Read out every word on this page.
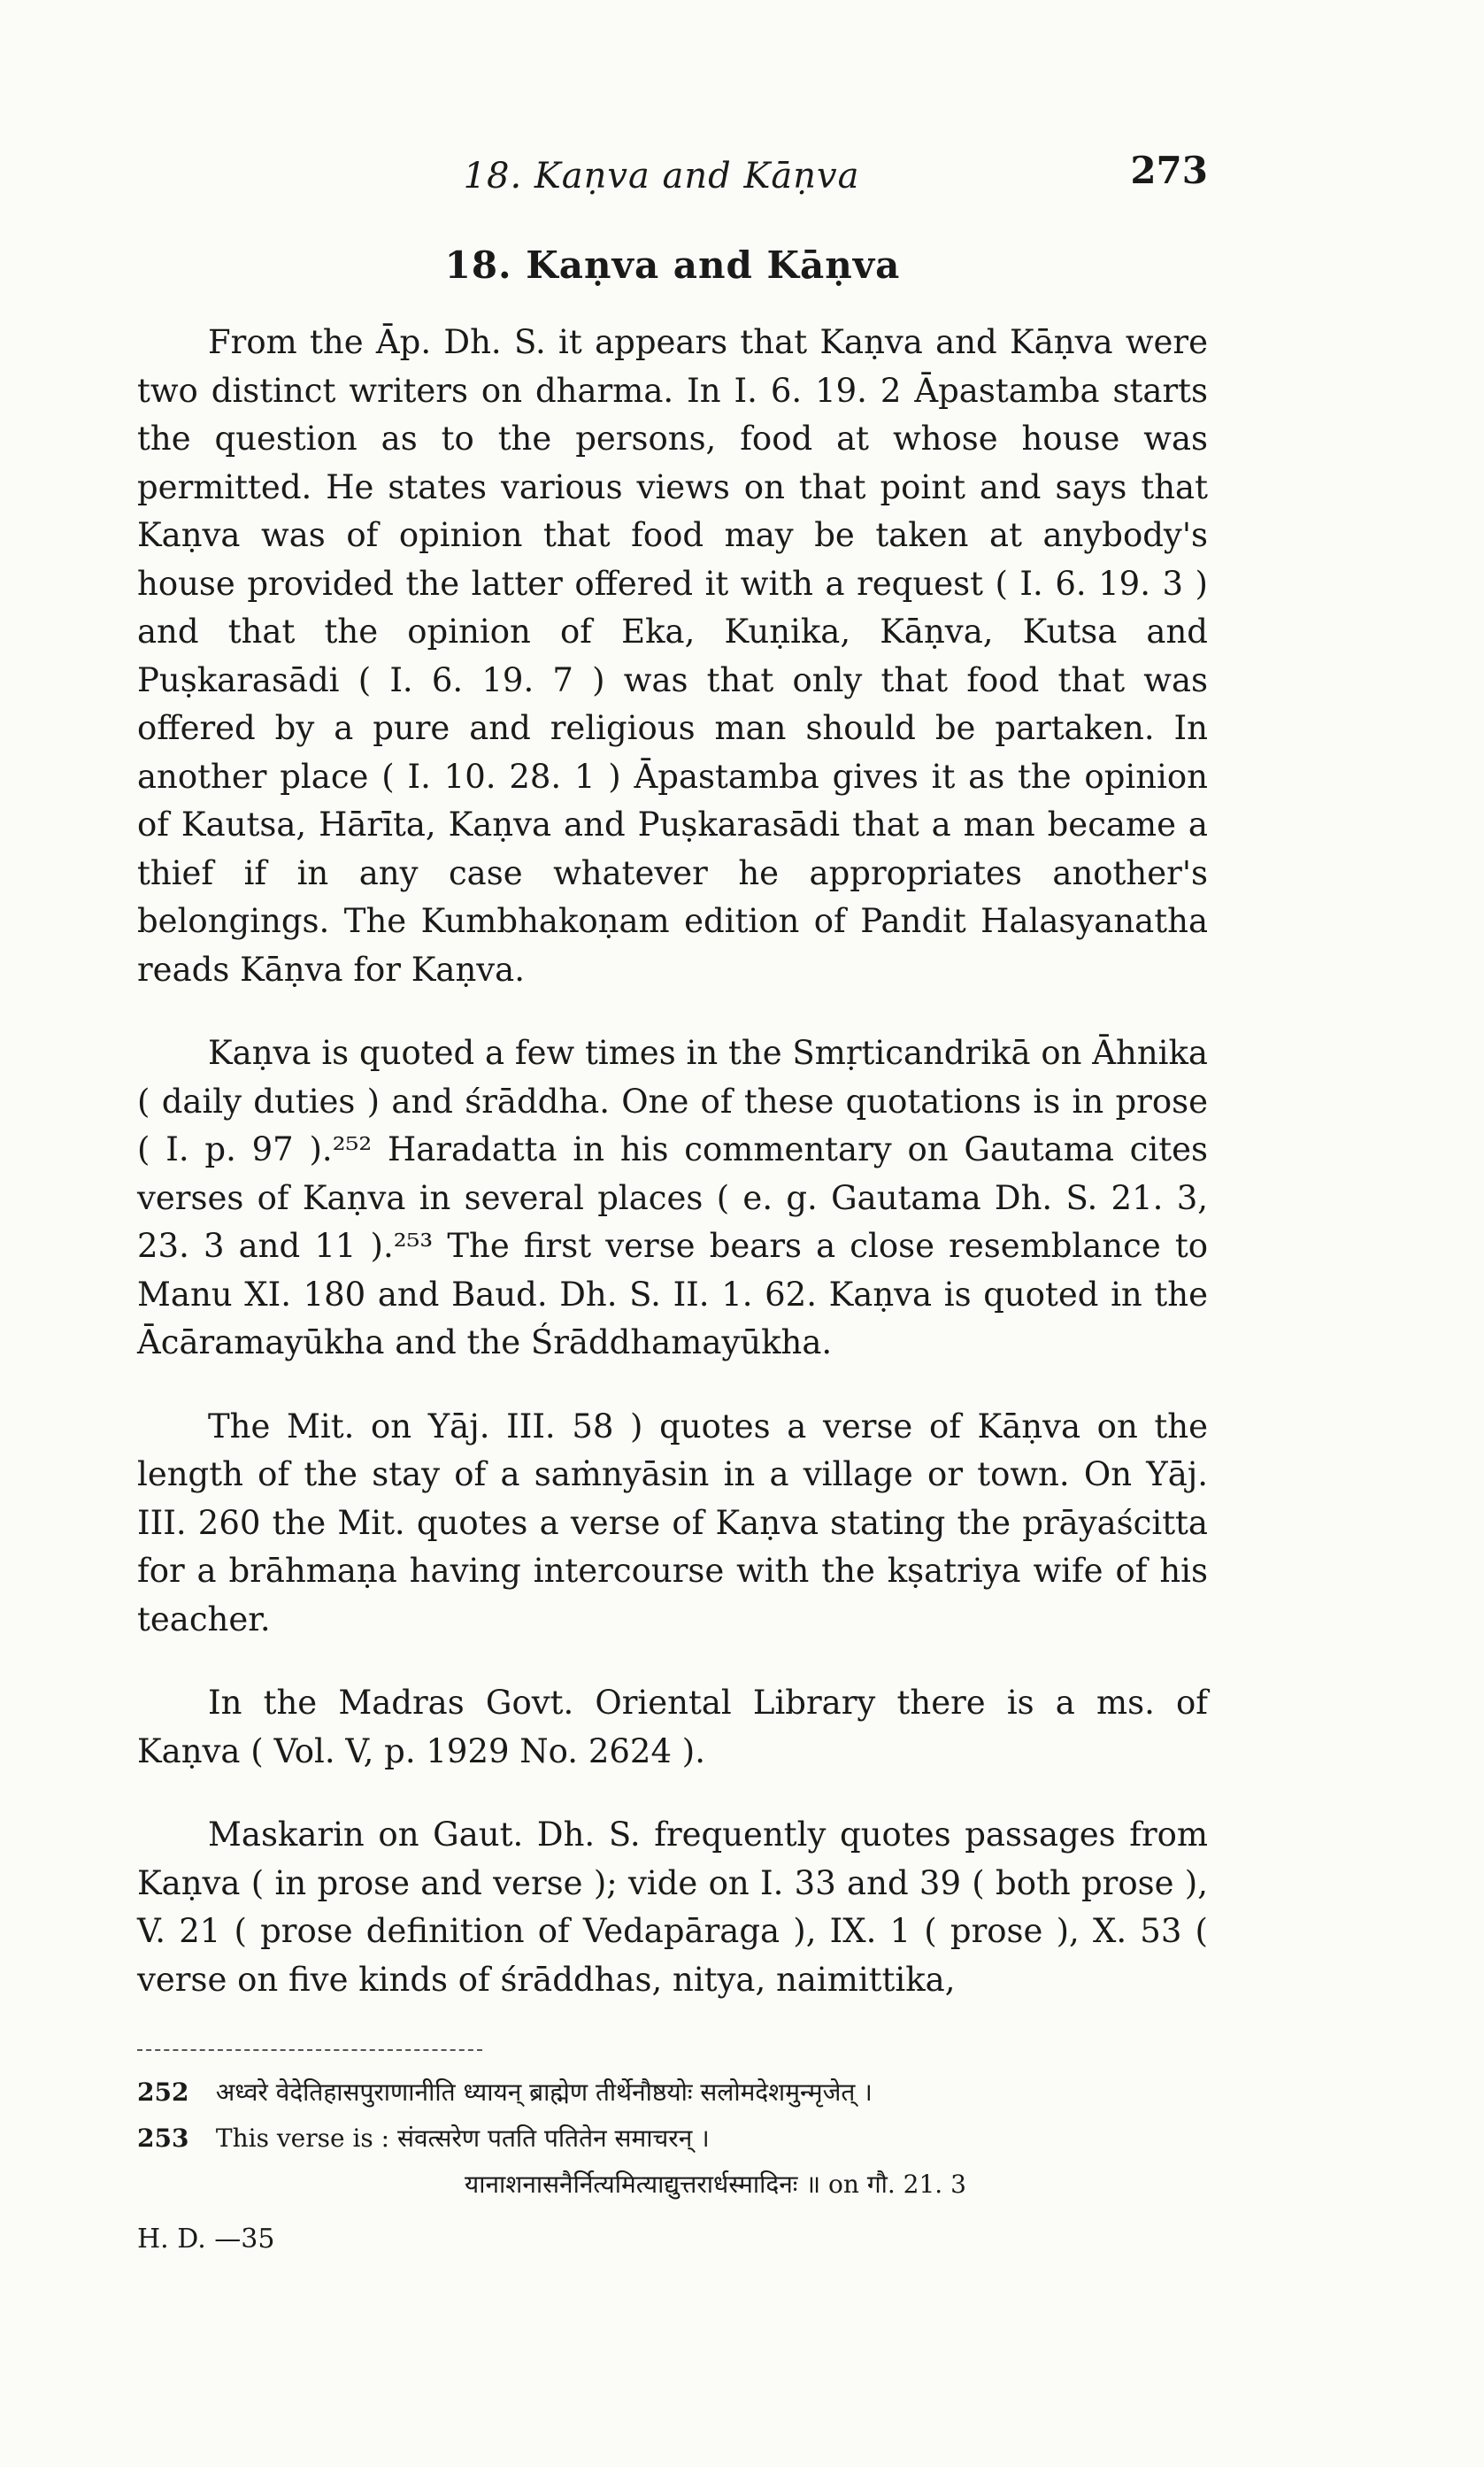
18. Kaṇva and Kāṇva	273
18. Kaṇva and Kāṇva

From the Āp. Dh. S. it appears that Kaṇva and Kāṇva were two distinct writers on dharma. In I. 6. 19. 2 Āpastamba starts the question as to the persons, food at whose house was permitted. He states various views on that point and says that Kaṇva was of opinion that food may be taken at anybody's house provided the latter offered it with a request ( I. 6. 19. 3 ) and that the opinion of Eka, Kuṇika, Kāṇva, Kutsa and Puṣkarasādi ( I. 6. 19. 7 ) was that only that food that was offered by a pure and religious man should be partaken. In another place ( I. 10. 28. 1 ) Āpastamba gives it as the opinion of Kautsa, Hārīta, Kaṇva and Puṣkarasādi that a man became a thief if in any case whatever he appropriates another's belongings. The Kumbhakoṇam edition of Pandit Halasyanatha reads Kāṇva for Kaṇva.

Kaṇva is quoted a few times in the Smṛticandrikā on Āhnika ( daily duties ) and śrāddha. One of these quotations is in prose ( I. p. 97 ).²⁵² Haradatta in his commentary on Gautama cites verses of Kaṇva in several places ( e. g. Gautama Dh. S. 21. 3, 23. 3 and 11 ).²⁵³ The first verse bears a close resemblance to Manu XI. 180 and Baud. Dh. S. II. 1. 62. Kaṇva is quoted in the Ācāramayūkha and the Śrāddhamayūkha.

The Mit. on Yāj. III. 58 ) quotes a verse of Kāṇva on the length of the stay of a saṁnyāsin in a village or town. On Yāj. III. 260 the Mit. quotes a verse of Kaṇva stating the prāyaścitta for a brāhmaṇa having intercourse with the kṣatriya wife of his teacher.

In the Madras Govt. Oriental Library there is a ms. of Kaṇva ( Vol. V, p. 1929 No. 2624 ).

Maskarin on Gaut. Dh. S. frequently quotes passages from Kaṇva ( in prose and verse ); vide on I. 33 and 39 ( both prose ), V. 21 ( prose definition of Vedapāraga ), IX. 1 ( prose ), X. 53 ( verse on five kinds of śrāddhas, nitya, naimittika,

252 अध्वरे वेदेतिहासपुराणानीति ध्यायन् ब्राह्मेण तीर्थेनौष्ठयोः सलोमदेशमुन्मृजेत् ।
253 This verse is : संवत्सरेण पतति पतितेन समाचरन् ।
यानाशनासनैर्नित्यमित्याद्युत्तरार्धस्मादिनः ॥ on गौ. 21. 3
H. D. —35
